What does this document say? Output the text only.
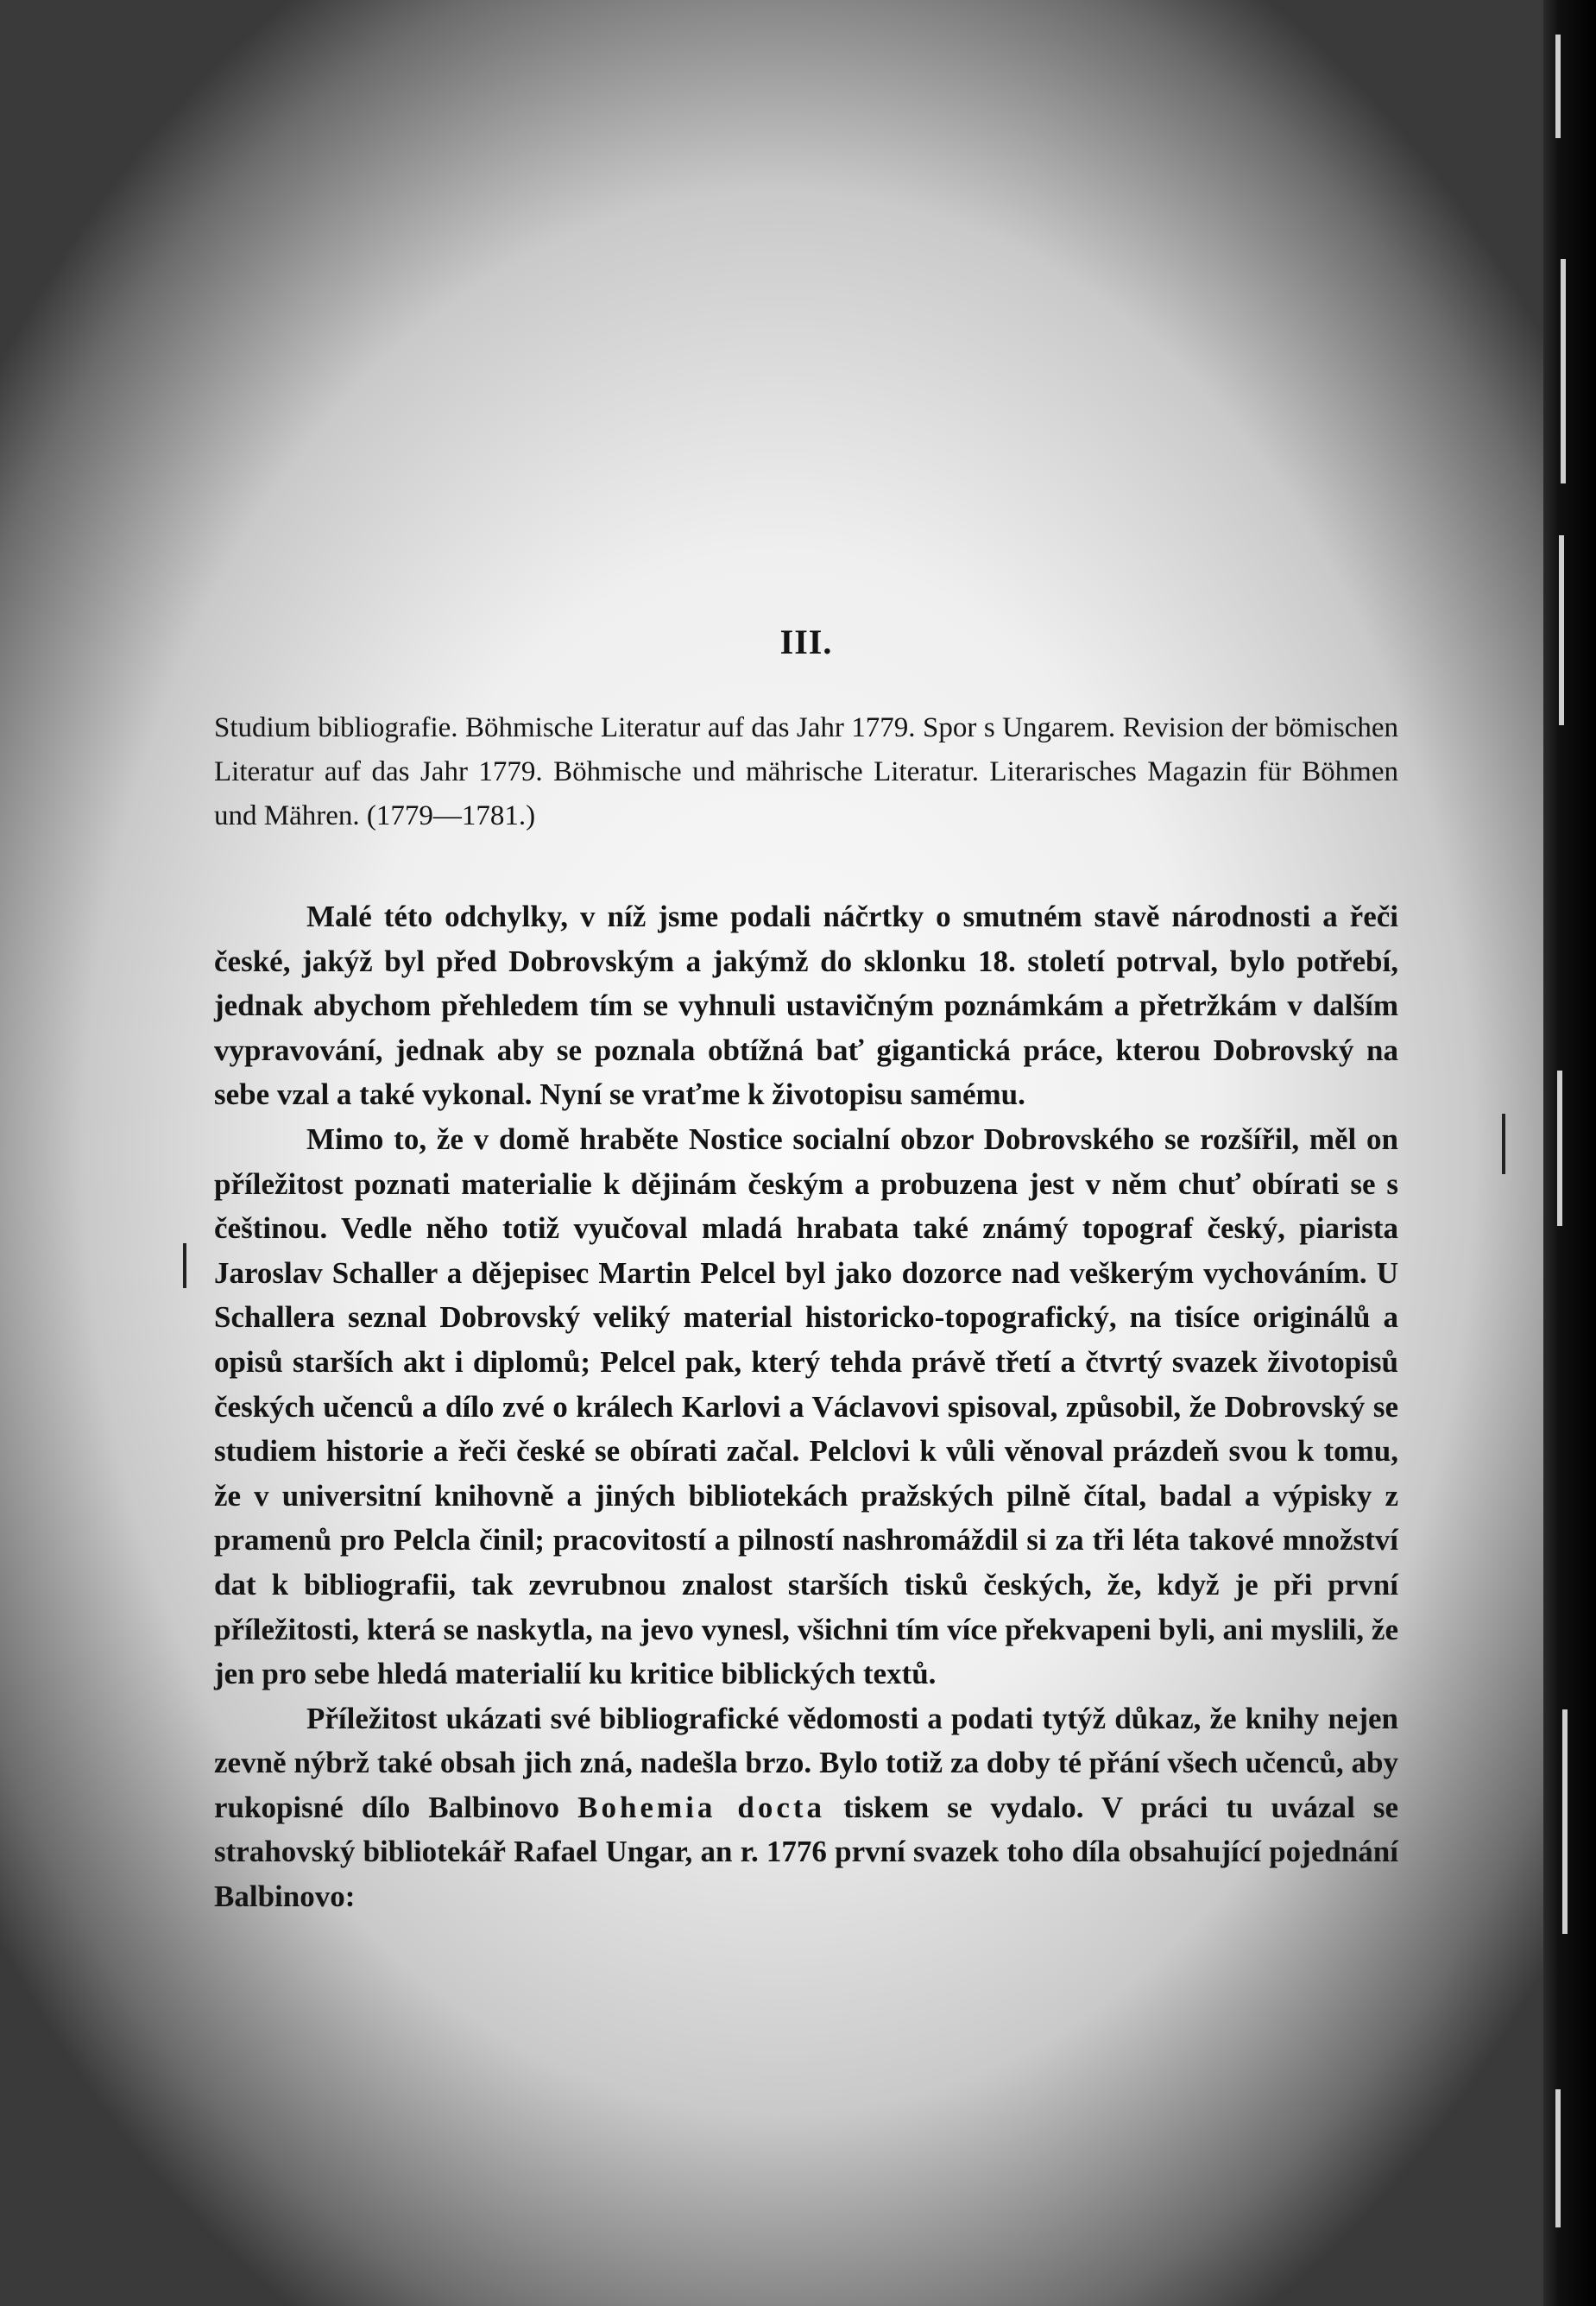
III.
Studium bibliografie. Böhmische Literatur auf das Jahr 1779. Spor s Ungarem. Revision der bömischen Literatur auf das Jahr 1779. Böhmische und mährische Literatur. Literarisches Magazin für Böhmen und Mähren. (1779—1781.)

Malé této odchylky, v níž jsme podali náčrtky o smutném stavě národnosti a řeči české, jakýž byl před Dobrovským a jakýmž do sklonku 18. století potrval, bylo potřebí, jednak abychom přehledem tím se vyhnuli ustavičným poznámkám a přetržkám v dalším vypravování, jednak aby se poznala obtížná bať gigantická práce, kterou Dobrovský na sebe vzal a také vykonal. Nyní se vraťme k životopisu samému.

Mimo to, že v domě hraběte Nostice socialní obzor Dobrovského se rozšířil, měl on příležitost poznati materialie k dějinám českým a probuzena jest v něm chuť obírati se s češtinou. Vedle něho totiž vyučoval mladá hrabata také známý topograf český, piarista Jaroslav Schaller a dějepisec Martin Pelcel byl jako dozorce nad veškerým vychováním. U Schallera seznal Dobrovský veliký material historicko-topografický, na tisíce originálů a opisů starších akt i diplomů; Pelcel pak, který tehda právě třetí a čtvrtý svazek životopisů českých učenců a dílo zvé o králech Karlovi a Václavovi spisoval, způsobil, že Dobrovský se studiem historie a řeči české se obírati začal. Pelclovi k vůli věnoval prázdeň svou k tomu, že v universitní knihovně a jiných bibliotekách pražských pilně čítal, badal a výpisky z pramenů pro Pelcla činil; pracovitostí a pilností nashromáždil si za tři léta takové množství dat k bibliografii, tak zevrubnou znalost starších tisků českých, že, když je při první příležitosti, která se naskytla, na jevo vynesl, všichni tím více překvapeni byli, ani myslili, že jen pro sebe hledá materialií ku kritice biblických textů.

Příležitost ukázati své bibliografické vědomosti a podati tytýž důkaz, že knihy nejen zevně nýbrž také obsah jich zná, nadešla brzo. Bylo totiž za doby té přání všech učenců, aby rukopisné dílo Balbinovo Bohemia docta tiskem se vydalo. V práci tu uvázal se strahovský bibliotekář Rafael Ungar, an r. 1776 první svazek toho díla obsahující pojednání Balbinovo:
